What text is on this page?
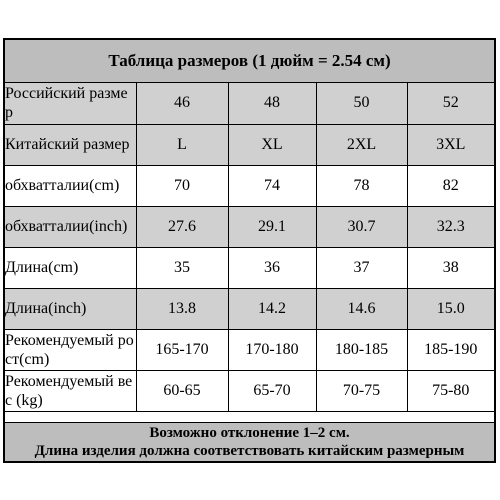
Таблица размеров (1 дюйм = 2.54 см)
Российский размер	46	48	50	52
Китайский размер	L	XL	2XL	3XL
обхватталии(cm)	70	74	78	82
обхватталии(inch)	27.6	29.1	30.7	32.3
Длина(cm)	35	36	37	38
Длина(inch)	13.8	14.2	14.6	15.0
Рекомендуемый рост(cm)	165-170	170-180	180-185	185-190
Рекомендуемый вес (kg)	60-65	65-70	70-75	75-80
Возможно отклонение 1–2 см.
Длина изделия должна соответствовать китайским размерным
